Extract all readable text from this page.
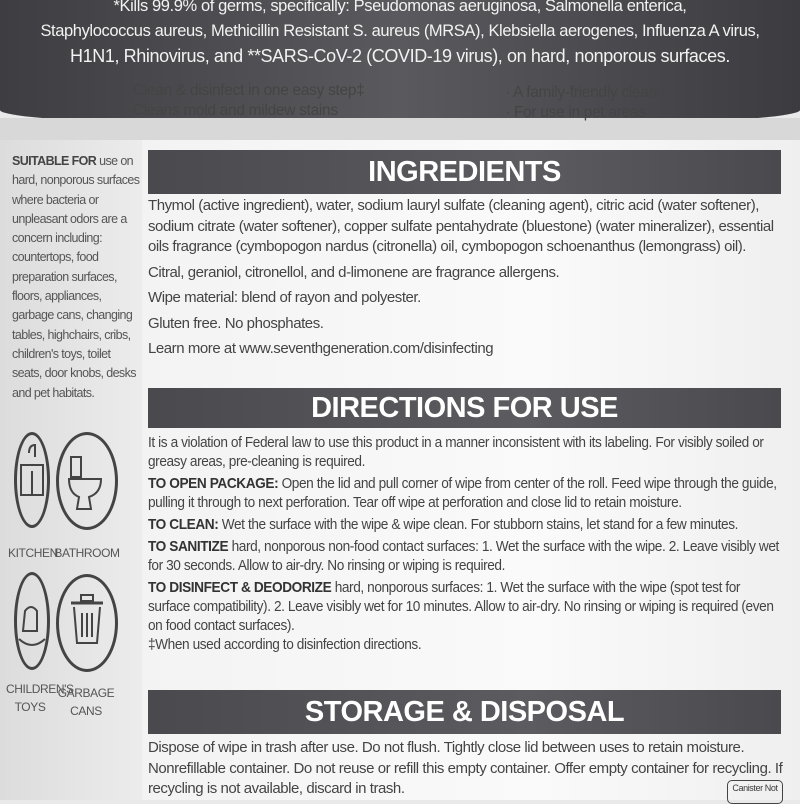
*Kills 99.9% of germs, specifically: Pseudomonas aeruginosa, Salmonella enterica,
Staphylococcus aureus, Methicillin Resistant S. aureus (MRSA), Klebsiella aerogenes, Influenza A virus,
H1N1, Rhinovirus, and **SARS-CoV-2 (COVID-19 virus), on hard, nonporous surfaces.
·Clean & disinfect in one easy step‡
·Cleans mold and mildew stains
· A family-friendly clean
· For use in pet areas
SUITABLE FOR use on hard, nonporous surfaces where bacteria or unpleasant odors are a concern including: countertops, food preparation surfaces, floors, appliances, garbage cans, changing tables, highchairs, cribs, children's toys, toilet seats, door knobs, desks and pet habitats.
KITCHEN
BATHROOM
CHILDREN'S TOYS
GARBAGE CANS
INGREDIENTS

Thymol (active ingredient), water, sodium lauryl sulfate (cleaning agent), citric acid (water softener), sodium citrate (water softener), copper sulfate pentahydrate (bluestone) (water mineralizer), essential oils fragrance (cymbopogon nardus (citronella) oil, cymbopogon schoenanthus (lemongrass) oil).

Citral, geraniol, citronellol, and d-limonene are fragrance allergens.

Wipe material: blend of rayon and polyester.

Gluten free. No phosphates.

Learn more at www.seventhgeneration.com/disinfecting

DIRECTIONS FOR USE

It is a violation of Federal law to use this product in a manner inconsistent with its labeling. For visibly soiled or greasy areas, pre-cleaning is required.

TO OPEN PACKAGE: Open the lid and pull corner of wipe from center of the roll. Feed wipe through the guide, pulling it through to next perforation. Tear off wipe at perforation and close lid to retain moisture.

TO CLEAN: Wet the surface with the wipe & wipe clean. For stubborn stains, let stand for a few minutes.

TO SANITIZE hard, nonporous non-food contact surfaces: 1. Wet the surface with the wipe. 2. Leave visibly wet for 30 seconds. Allow to air-dry. No rinsing or wiping is required.

TO DISINFECT & DEODORIZE hard, nonporous surfaces: 1. Wet the surface with the wipe (spot test for surface compatibility). 2. Leave visibly wet for 10 minutes. Allow to air-dry. No rinsing or wiping is required (even on food contact surfaces).

‡When used according to disinfection directions.

STORAGE & DISPOSAL
Dispose of wipe in trash after use. Do not flush. Tightly close lid between uses to retain moisture. Nonrefillable container. Do not reuse or refill this empty container. Offer empty container for recycling. If recycling is not available, discard in trash.	Canister Not
